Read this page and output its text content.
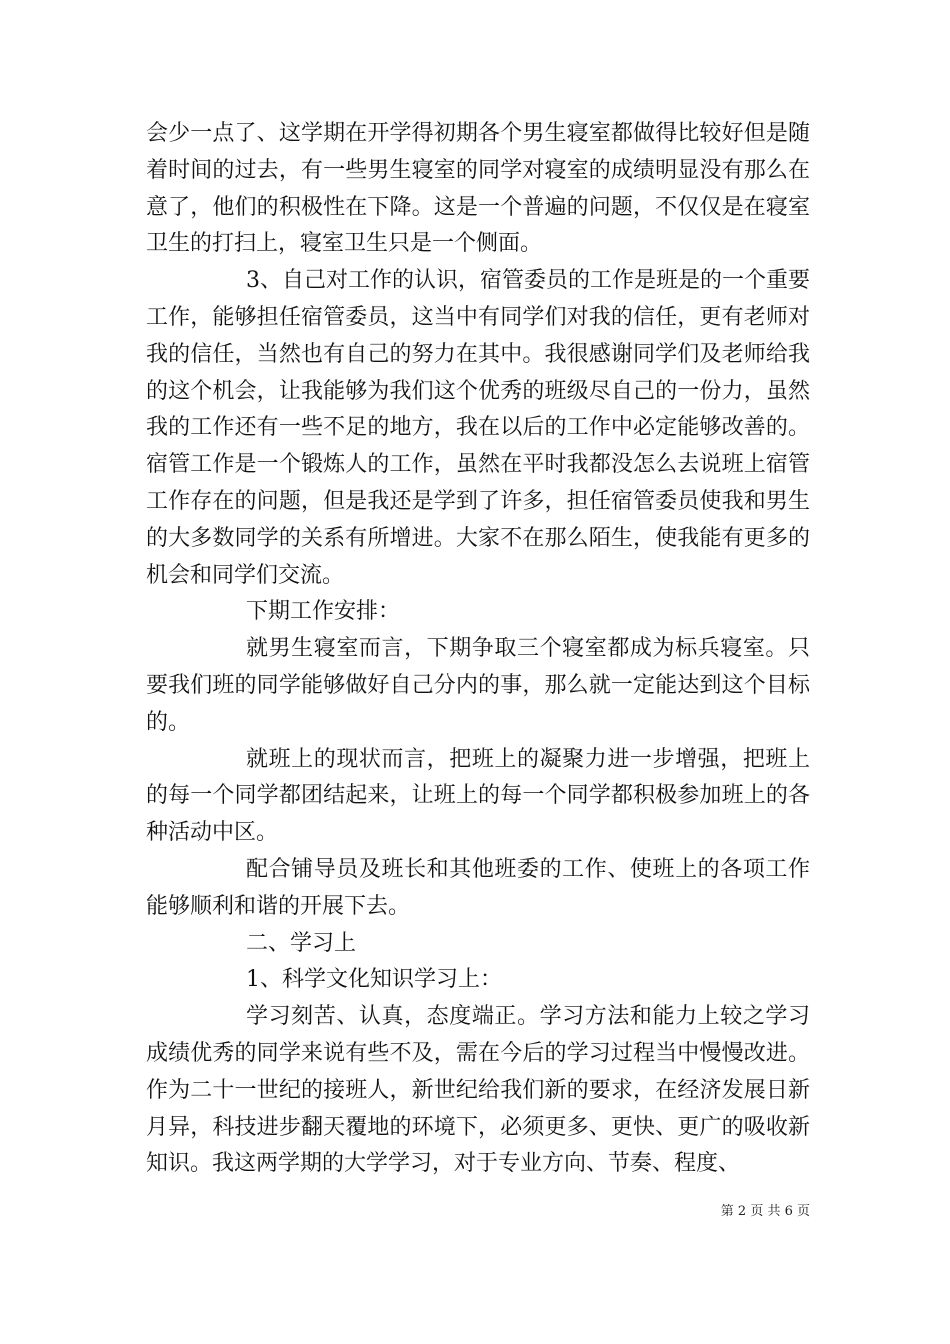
会少一点了、这学期在开学得初期各个男生寝室都做得比较好但是随着时间的过去，有一些男生寝室的同学对寝室的成绩明显没有那么在意了，他们的积极性在下降。这是一个普遍的问题，不仅仅是在寝室卫生的打扫上，寝室卫生只是一个侧面。

3、自己对工作的认识，宿管委员的工作是班是的一个重要工作，能够担任宿管委员，这当中有同学们对我的信任，更有老师对我的信任，当然也有自己的努力在其中。我很感谢同学们及老师给我的这个机会，让我能够为我们这个优秀的班级尽自己的一份力，虽然我的工作还有一些不足的地方，我在以后的工作中必定能够改善的。宿管工作是一个锻炼人的工作，虽然在平时我都没怎么去说班上宿管工作存在的问题，但是我还是学到了许多，担任宿管委员使我和男生的大多数同学的关系有所增进。大家不在那么陌生，使我能有更多的机会和同学们交流。

下期工作安排：

就男生寝室而言，下期争取三个寝室都成为标兵寝室。只要我们班的同学能够做好自己分内的事，那么就一定能达到这个目标的。

就班上的现状而言，把班上的凝聚力进一步增强，把班上的每一个同学都团结起来，让班上的每一个同学都积极参加班上的各种活动中区。

配合铺导员及班长和其他班委的工作、使班上的各项工作能够顺利和谐的开展下去。

二、学习上

1、科学文化知识学习上：

学习刻苦、认真，态度端正。学习方法和能力上较之学习成绩优秀的同学来说有些不及，需在今后的学习过程当中慢慢改进。作为二十一世纪的接班人，新世纪给我们新的要求，在经济发展日新月异，科技进步翻天覆地的环境下，必须更多、更快、更广的吸收新知识。我这两学期的大学学习，对于专业方向、节奏、程度、

第 2 页 共 6 页
